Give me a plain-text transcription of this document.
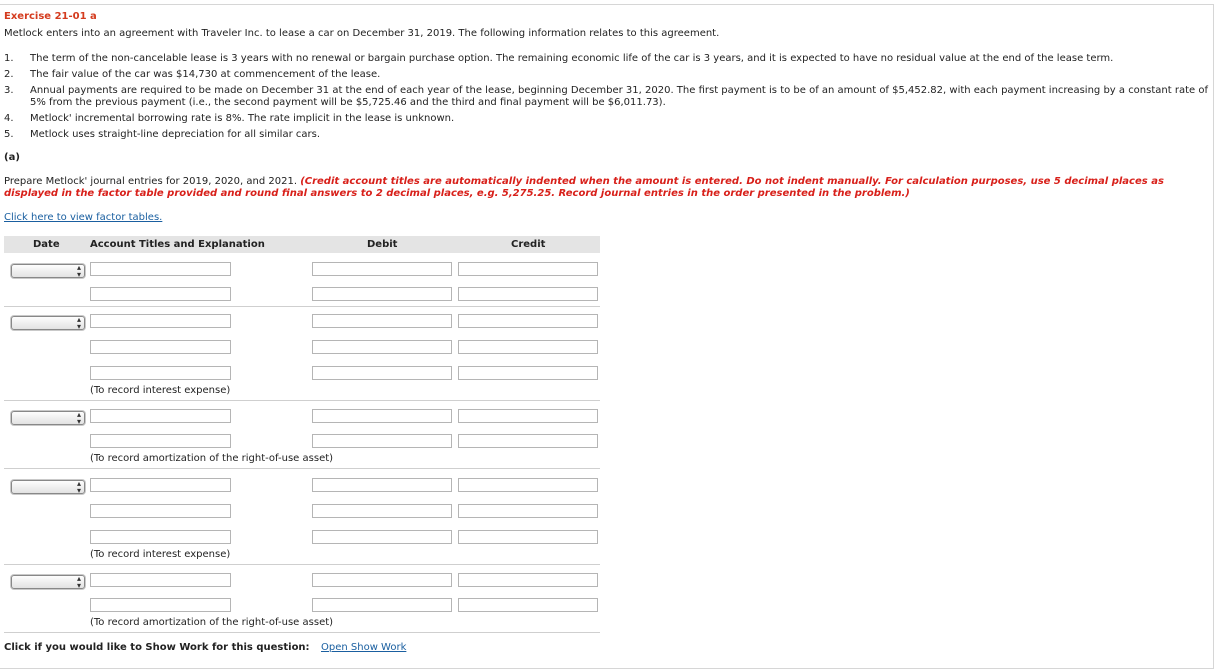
Exercise 21-01 a
Metlock enters into an agreement with Traveler Inc. to lease a car on December 31, 2019. The following information relates to this agreement.
1. The term of the non-cancelable lease is 3 years with no renewal or bargain purchase option. The remaining economic life of the car is 3 years, and it is expected to have no residual value at the end of the lease term.
2. The fair value of the car was $14,730 at commencement of the lease.
3. Annual payments are required to be made on December 31 at the end of each year of the lease, beginning December 31, 2020. The first payment is to be of an amount of $5,452.82, with each payment increasing by a constant rate of 5% from the previous payment (i.e., the second payment will be $5,725.46 and the third and final payment will be $6,011.73).
4. Metlock' incremental borrowing rate is 8%. The rate implicit in the lease is unknown.
5. Metlock uses straight-line depreciation for all similar cars.
(a)
Prepare Metlock' journal entries for 2019, 2020, and 2021. (Credit account titles are automatically indented when the amount is entered. Do not indent manually. For calculation purposes, use 5 decimal places as displayed in the factor table provided and round final answers to 2 decimal places, e.g. 5,275.25. Record journal entries in the order presented in the problem.)
Click here to view factor tables.
Date	Account Titles and Explanation	Debit	Credit
▴
▾
▴
▾
(To record interest expense)
▴
▾
(To record amortization of the right-of-use asset)
▴
▾
(To record interest expense)
▴
▾
(To record amortization of the right-of-use asset)
Click if you would like to Show Work for this question: Open Show Work
